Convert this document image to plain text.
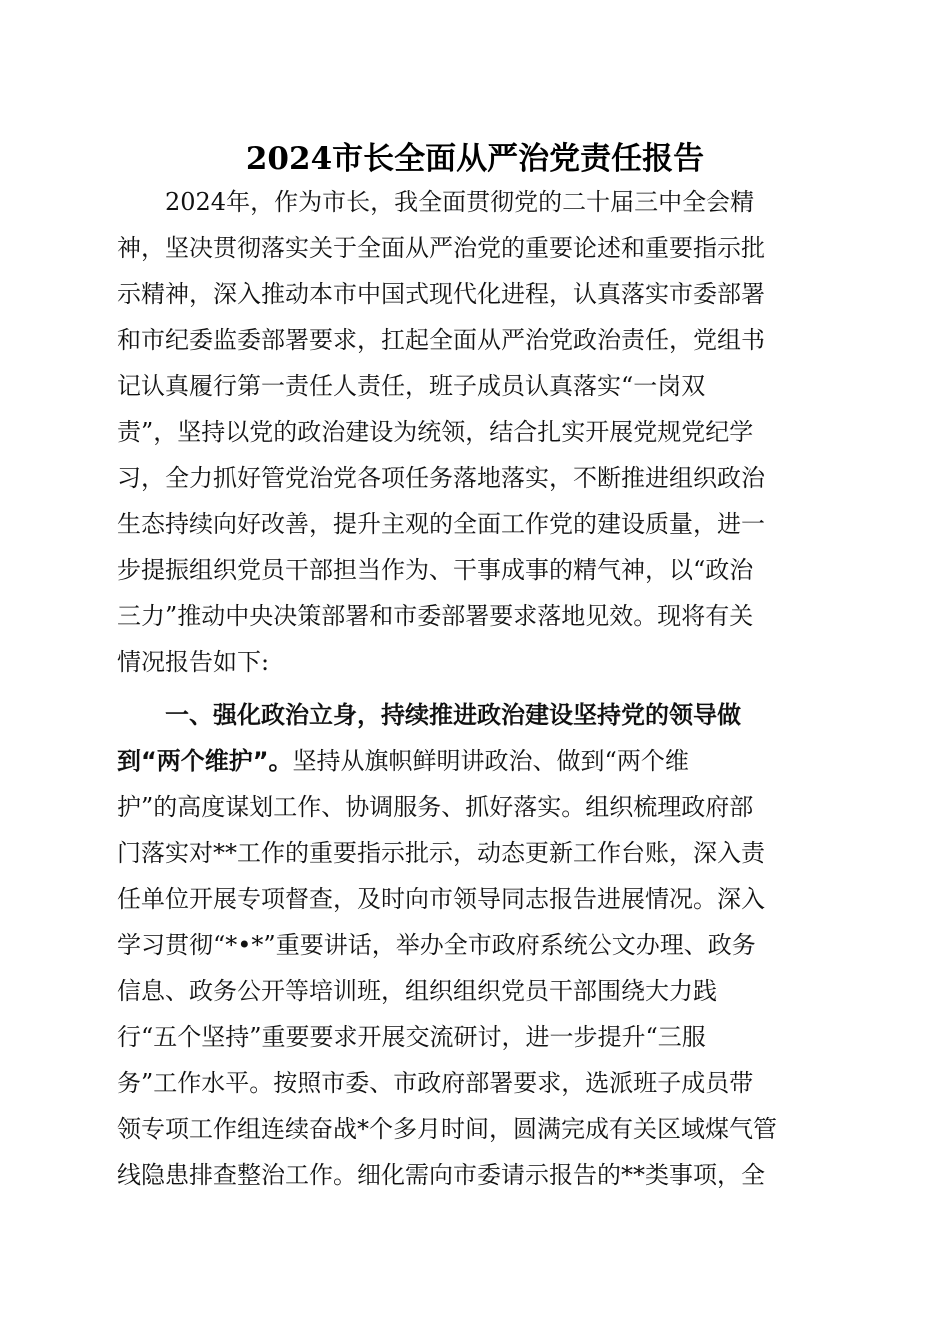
2024市长全面从严治党责任报告
2024年，作为市长，我全面贯彻党的二十届三中全会精
神，坚决贯彻落实关于全面从严治党的重要论述和重要指示批
示精神，深入推动本市中国式现代化进程，认真落实市委部署
和市纪委监委部署要求，扛起全面从严治党政治责任，党组书
记认真履行第一责任人责任，班子成员认真落实“一岗双
责”，坚持以党的政治建设为统领，结合扎实开展党规党纪学
习，全力抓好管党治党各项任务落地落实，不断推进组织政治
生态持续向好改善，提升主观的全面工作党的建设质量，进一
步提振组织党员干部担当作为、干事成事的精气神，以“政治
三力”推动中央决策部署和市委部署要求落地见效。现将有关
情况报告如下:
一、强化政治立身，持续推进政治建设坚持党的领导做
到“两个维护”。坚持从旗帜鲜明讲政治、做到“两个维
护”的高度谋划工作、协调服务、抓好落实。组织梳理政府部
门落实对**工作的重要指示批示，动态更新工作台账，深入责
任单位开展专项督查，及时向市领导同志报告进展情况。深入
学习贯彻“*•*”重要讲话，举办全市政府系统公文办理、政务
信息、政务公开等培训班，组织组织党员干部围绕大力践
行“五个坚持”重要要求开展交流研讨，进一步提升“三服
务”工作水平。按照市委、市政府部署要求，选派班子成员带
领专项工作组连续奋战*个多月时间，圆满完成有关区域煤气管
线隐患排查整治工作。细化需向市委请示报告的**类事项，全
